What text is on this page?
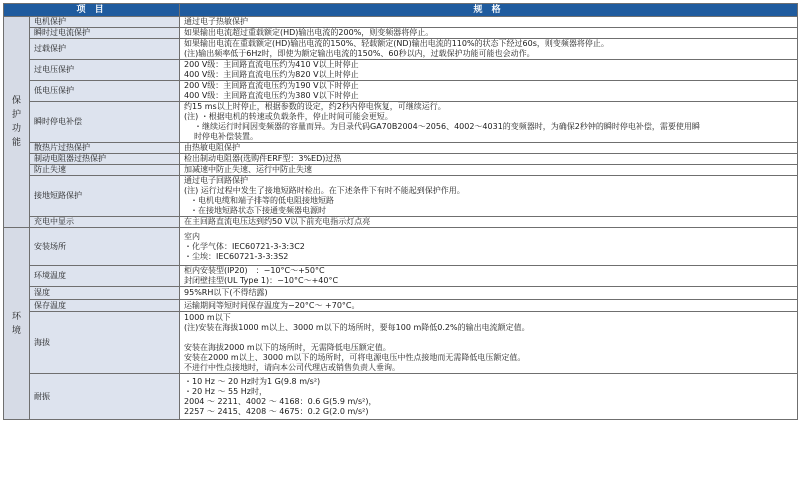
项 目		规 格

保护功能	电机保护	通过电子热敏保护

	瞬时过电流保护	如果输出电流超过重载额定(HD)输出电流的200%，则变频器将停止。

	过载保护	如果输出电流在重载额定(HD)输出电流的150%、轻载额定(ND)输出电流的110%的状态下经过60s，则变频器将停止。
(注)输出频率低于6Hz时，即使为额定输出电流的150%、60秒以内，过载保护功能可能也会动作。

	过电压保护	200 V级：主回路直流电压约为410 V以上时停止
400 V级：主回路直流电压约为820 V以上时停止

	低电压保护	200 V级：主回路直流电压约为190 V以下时停止
400 V级：主回路直流电压约为380 V以下时停止

	瞬时停电补偿	约15 ms以上时停止，根据参数的设定，约2秒内停电恢复，可继续运行。
(注) ・根据电机的转速或负载条件，停止时间可能会更短。
・继续运行时间因变频器的容量而异。为目录代码GA70B2004～2056、4002～4031的变频器时，为确保2秒钟的瞬时停电补偿，需要使用瞬
时停电补偿装置。

	散热片过热保护	由热敏电阻保护

	制动电阻器过热保护	检出制动电阻器(选购件ERF型：3%ED)过热

	防止失速	加减速中防止失速、运行中防止失速

	接地短路保护	通过电子回路保护
(注) 运行过程中发生了接地短路时检出。在下述条件下有时不能起到保护作用。
・电机电缆和端子排等的低电阻接地短路
・在接地短路状态下接通变频器电源时

	充电中显示	在主回路直流电压达到约50 V以下前充电指示灯点亮

环境	安装场所	室内
・化学气体：IEC60721-3-3:3C2
・尘埃：IEC60721-3-3:3S2

	环境温度	柜内安装型(IP20)　：−10°C～+50°C
封闭壁挂型(UL Type 1)：−10°C～+40°C

	湿度	95%RH以下(不得结露)

	保存温度	运输期间等短时间保存温度为−20°C～ +70°C。

	海拔	1000 m以下
(注)安装在海拔1000 m以上、3000 m以下的场所时，要每100 m降低0.2%的输出电流额定值。
安装在海拔2000 m以下的场所时，无需降低电压额定值。
安装在2000 m以上、3000 m以下的场所时，可将电源电压中性点接地而无需降低电压额定值。
不进行中性点接地时，请向本公司代理店或销售负责人垂询。

	耐振	・10 Hz ～ 20 Hz时为1 G(9.8 m/s²)
・20 Hz ～ 55 Hz时，
2004 ～ 2211、4002 ～ 4168：0.6 G(5.9 m/s²)，
2257 ～ 2415、4208 ～ 4675：0.2 G(2.0 m/s²)
